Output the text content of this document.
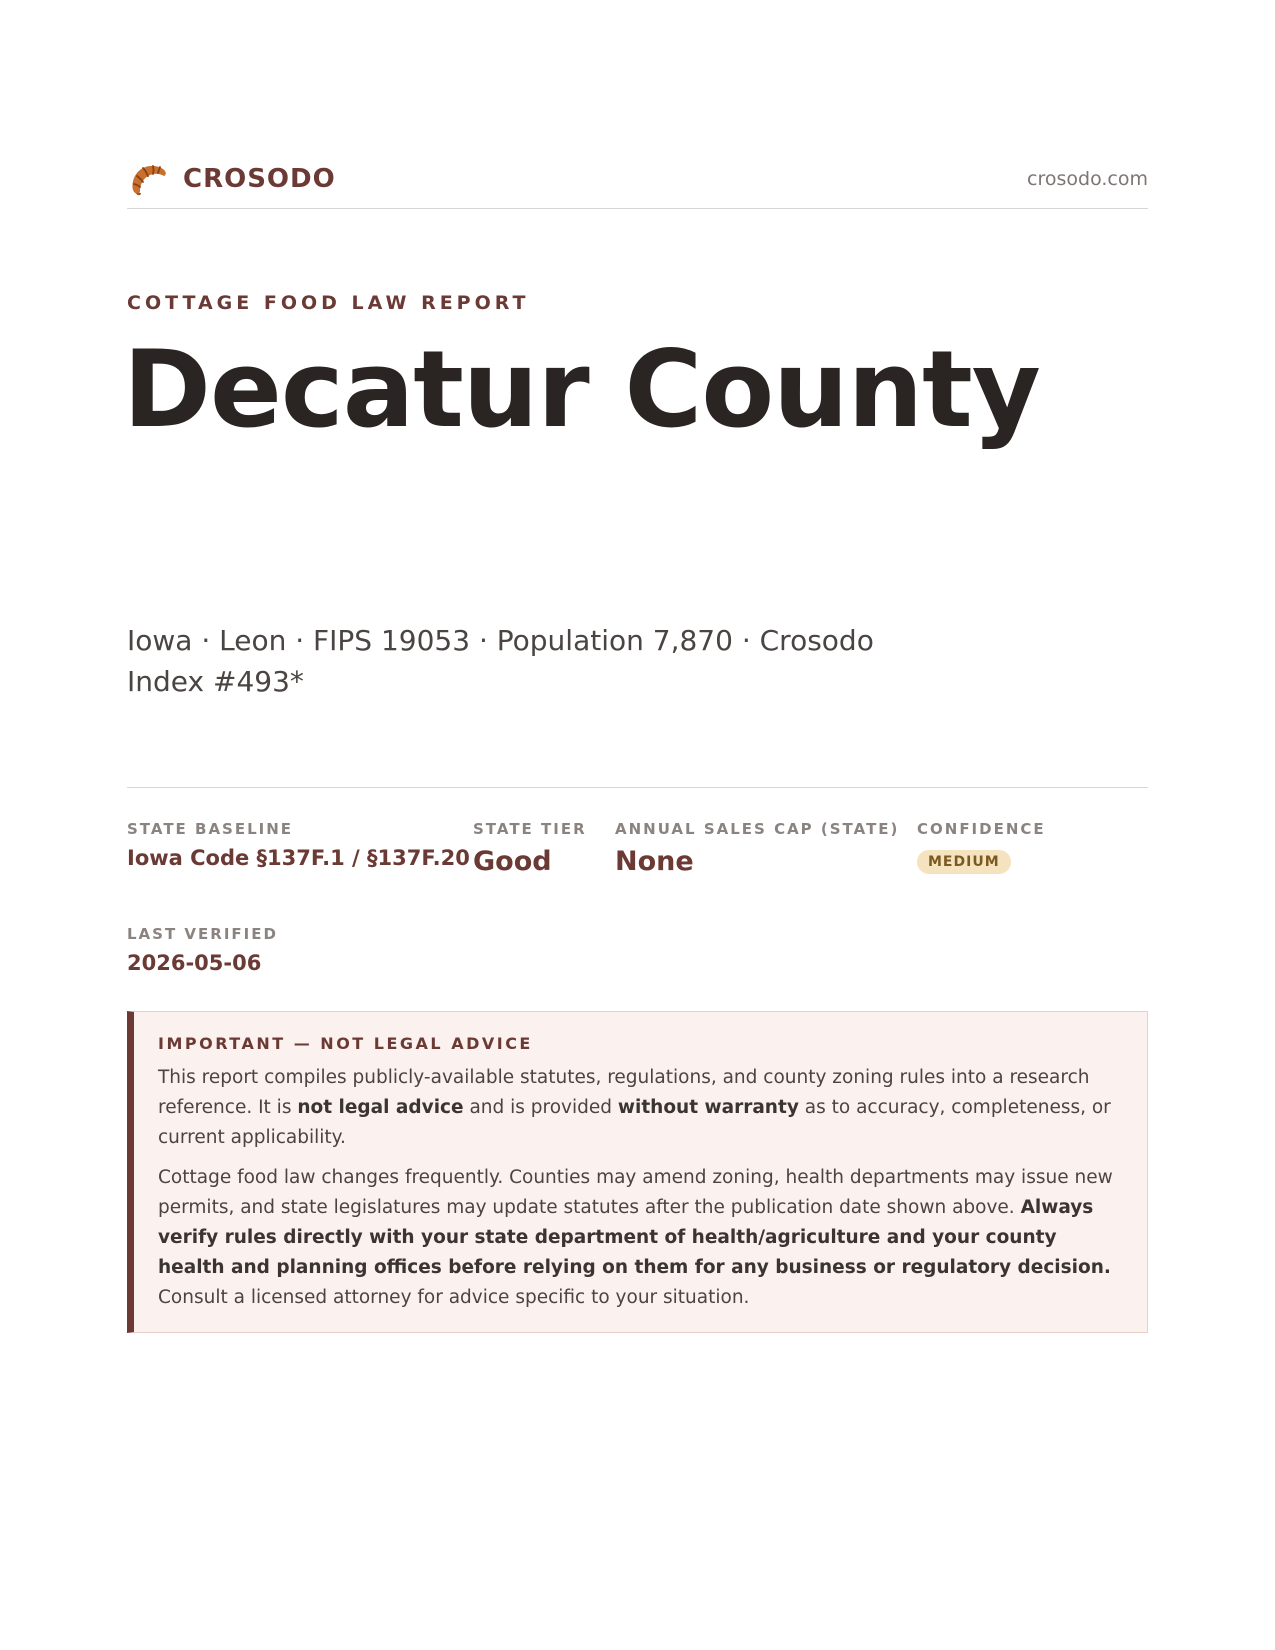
CROSODO	crosodo.com
COTTAGE FOOD LAW REPORT
Decatur County
Iowa · Leon · FIPS 19053 · Population 7,870 · Crosodo Index #493*
STATE BASELINE
Iowa Code §137F.1 / §137F.20
STATE TIER
Good
ANNUAL SALES CAP (STATE)
None
CONFIDENCE
MEDIUM
LAST VERIFIED
2026-05-06
IMPORTANT — NOT LEGAL ADVICE

This report compiles publicly-available statutes, regulations, and county zoning rules into a research reference. It is not legal advice and is provided without warranty as to accuracy, completeness, or current applicability.

Cottage food law changes frequently. Counties may amend zoning, health departments may issue new permits, and state legislatures may update statutes after the publication date shown above. Always verify rules directly with your state department of health/agriculture and your county health and planning offices before relying on them for any business or regulatory decision. Consult a licensed attorney for advice specific to your situation.
